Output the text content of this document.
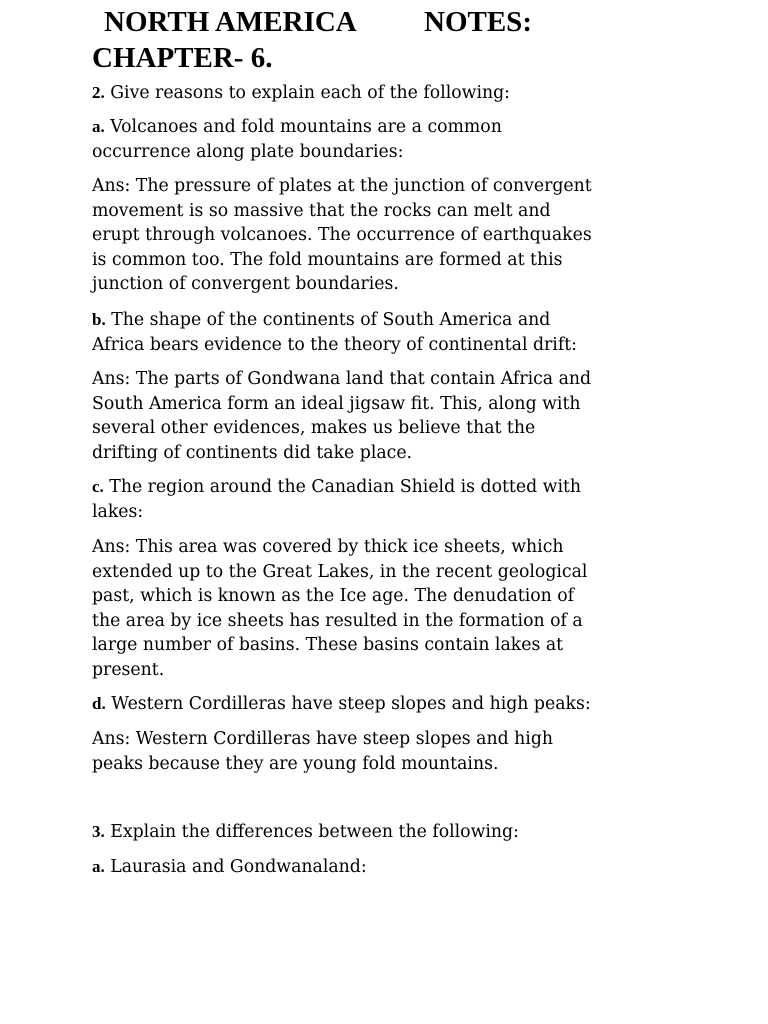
NORTH AMERICA NOTES:
CHAPTER- 6.

2. Give reasons to explain each of the following:

a. Volcanoes and fold mountains are a common
occurrence along plate boundaries:

Ans: The pressure of plates at the junction of convergent
movement is so massive that the rocks can melt and
erupt through volcanoes. The occurrence of earthquakes
is common too. The fold mountains are formed at this
junction of convergent boundaries.

b. The shape of the continents of South America and
Africa bears evidence to the theory of continental drift:

Ans: The parts of Gondwana land that contain Africa and
South America form an ideal jigsaw fit. This, along with
several other evidences, makes us believe that the
drifting of continents did take place.

c. The region around the Canadian Shield is dotted with
lakes:

Ans: This area was covered by thick ice sheets, which
extended up to the Great Lakes, in the recent geological
past, which is known as the Ice age. The denudation of
the area by ice sheets has resulted in the formation of a
large number of basins. These basins contain lakes at
present.

d. Western Cordilleras have steep slopes and high peaks:

Ans: Western Cordilleras have steep slopes and high
peaks because they are young fold mountains.

3. Explain the differences between the following:

a. Laurasia and Gondwanaland:
